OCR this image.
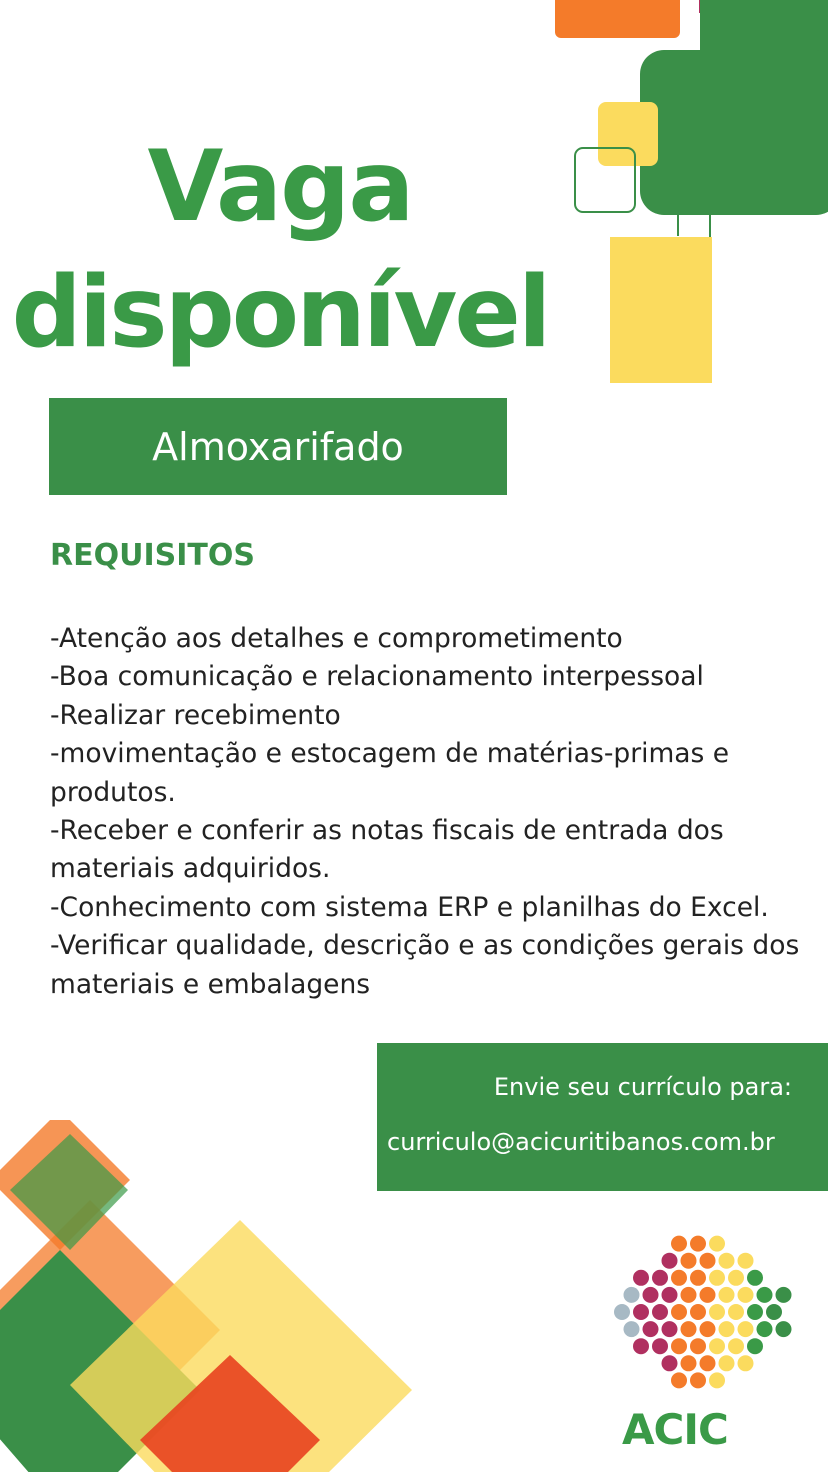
Vaga
disponível
Almoxarifado
REQUISITOS
-Atenção aos detalhes e comprometimento
-Boa comunicação e relacionamento interpessoal
-Realizar recebimento
-movimentação e estocagem de matérias-primas e produtos.
-Receber e conferir as notas fiscais de entrada dos materiais adquiridos.
-Conhecimento com sistema ERP e planilhas do Excel.
-Verificar qualidade, descrição e as condições gerais dos materiais e embalagens
Envie seu currículo para:
curriculo@acicuritibanos.com.br
ACIC
